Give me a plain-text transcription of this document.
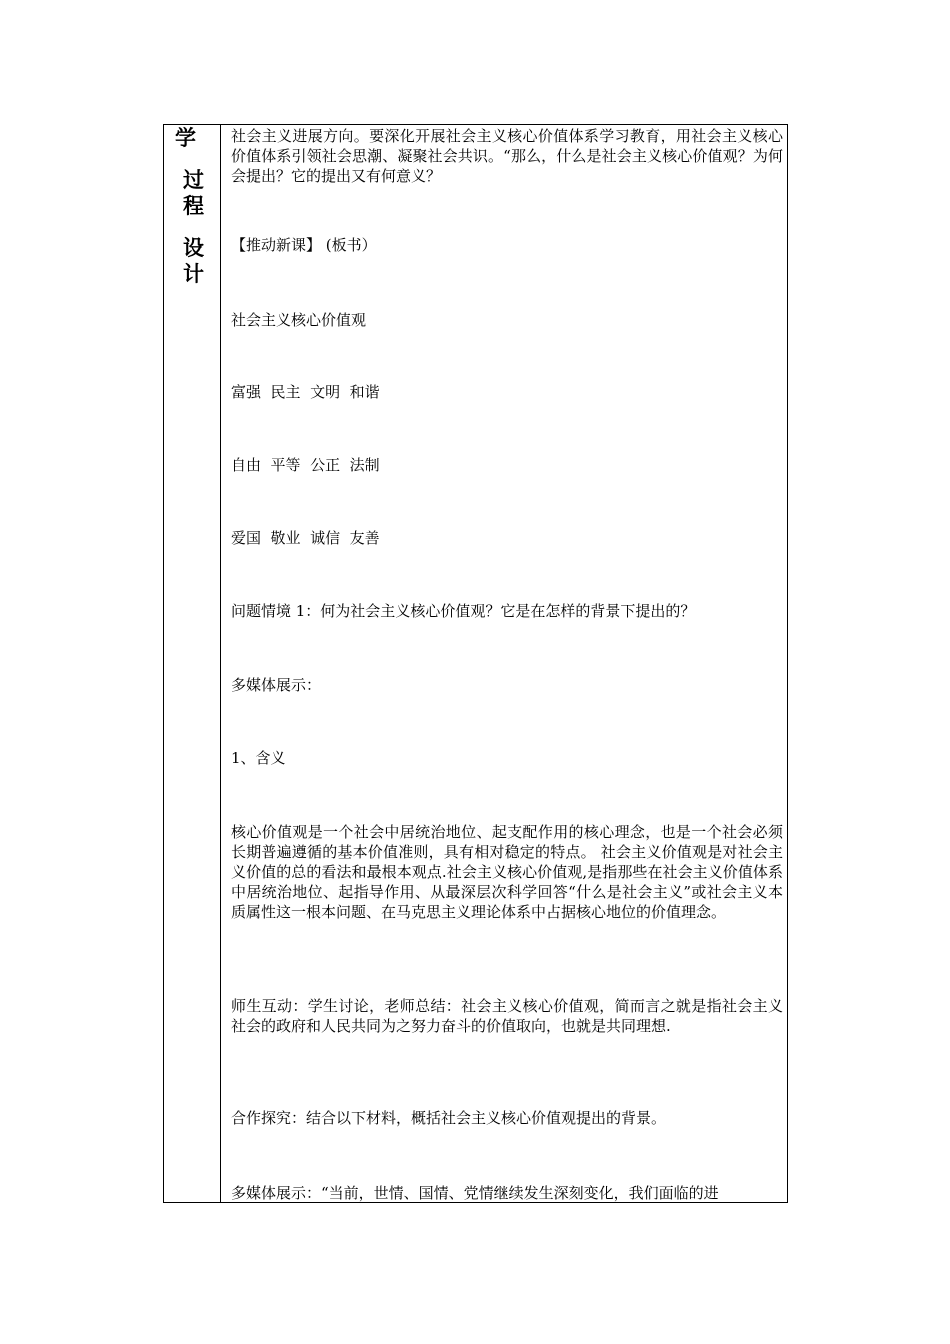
学
过
程
设
计

社会主义进展方向。要深化开展社会主义核心价值体系学习教育，用社会主义核心价值体系引领社会思潮、凝聚社会共识。“那么，什么是社会主义核心价值观？为何会提出？它的提出又有何意义？

【推动新课】 (板书）

社会主义核心价值观

富强  民主  文明  和谐

自由  平等  公正  法制

爱国  敬业  诚信  友善

问题情境 1：何为社会主义核心价值观？它是在怎样的背景下提出的？

多媒体展示：

1、含义

核心价值观是一个社会中居统治地位、起支配作用的核心理念，也是一个社会必须长期普遍遵循的基本价值准则，具有相对稳定的特点。 社会主义价值观是对社会主义价值的总的看法和最根本观点.社会主义核心价值观,是指那些在社会主义价值体系中居统治地位、起指导作用、从最深层次科学回答“什么是社会主义”或社会主义本质属性这一根本问题、在马克思主义理论体系中占据核心地位的价值理念。

师生互动：学生讨论，老师总结：社会主义核心价值观，简而言之就是指社会主义社会的政府和人民共同为之努力奋斗的价值取向，也就是共同理想.

合作探究：结合以下材料，概括社会主义核心价值观提出的背景。

多媒体展示：“当前，世情、国情、党情继续发生深刻变化，我们面临的进
